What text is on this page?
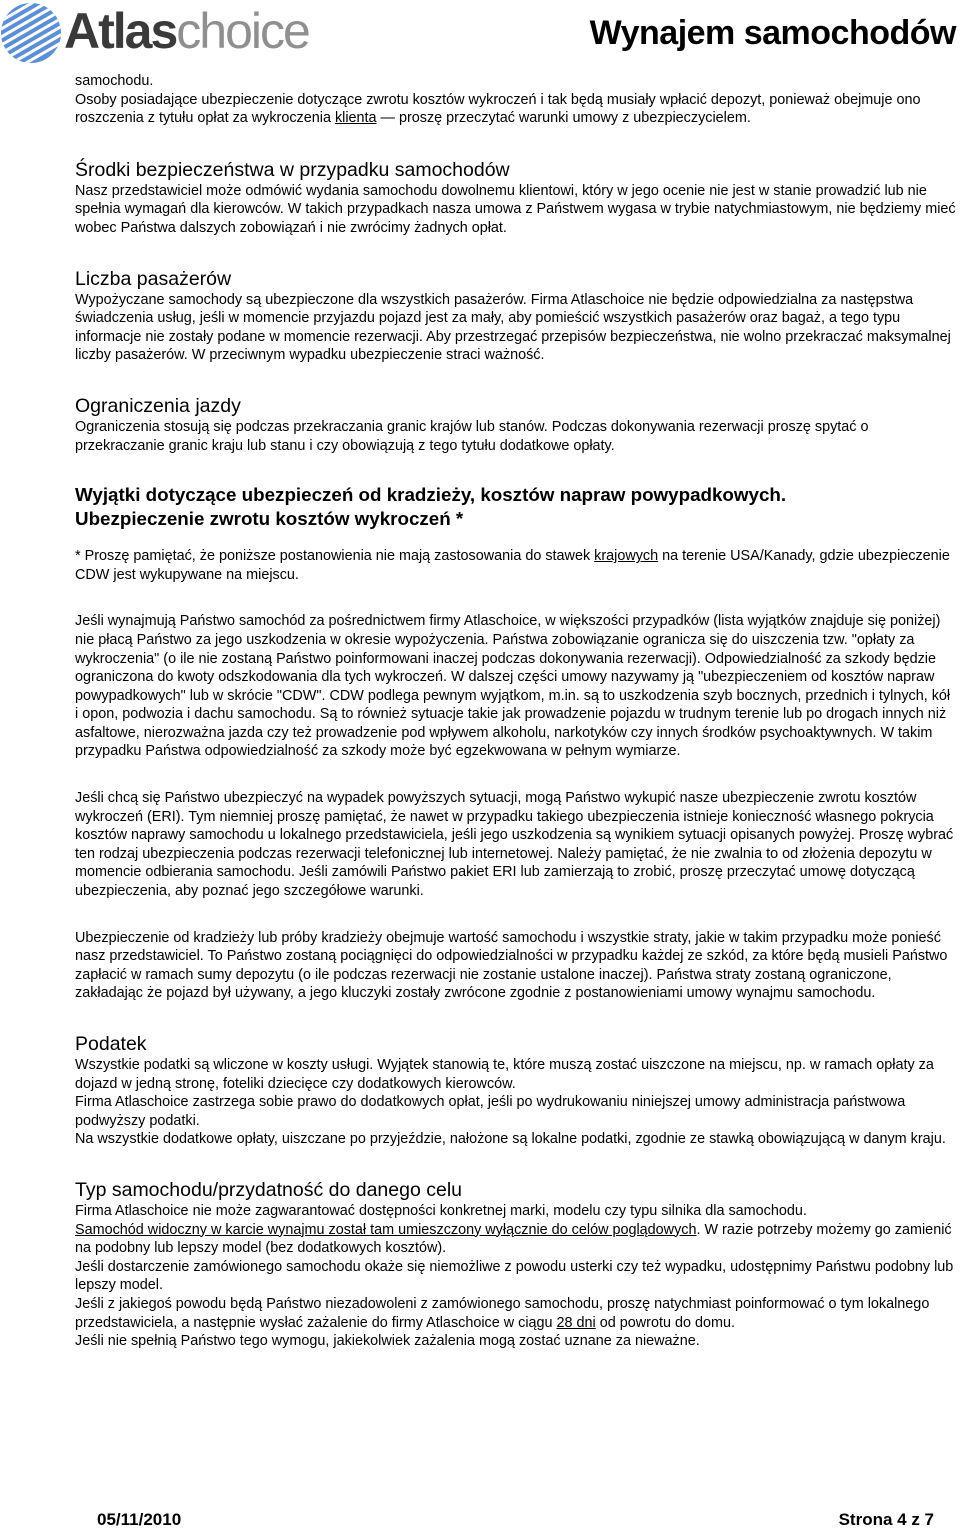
Atlaschoice	Wynajem samochodów

samochodu.

Osoby posiadające ubezpieczenie dotyczące zwrotu kosztów wykroczeń i tak będą musiały wpłacić depozyt, ponieważ obejmuje ono roszczenia z tytułu opłat za wykroczenia klienta — proszę przeczytać warunki umowy z ubezpieczycielem.

Środki bezpieczeństwa w przypadku samochodów

Nasz przedstawiciel może odmówić wydania samochodu dowolnemu klientowi, który w jego ocenie nie jest w stanie prowadzić lub nie spełnia wymagań dla kierowców. W takich przypadkach nasza umowa z Państwem wygasa w trybie natychmiastowym, nie będziemy mieć wobec Państwa dalszych zobowiązań i nie zwrócimy żadnych opłat.

Liczba pasażerów

Wypożyczane samochody są ubezpieczone dla wszystkich pasażerów. Firma Atlaschoice nie będzie odpowiedzialna za następstwa świadczenia usług, jeśli w momencie przyjazdu pojazd jest za mały, aby pomieścić wszystkich pasażerów oraz bagaż, a tego typu informacje nie zostały podane w momencie rezerwacji. Aby przestrzegać przepisów bezpieczeństwa, nie wolno przekraczać maksymalnej liczby pasażerów. W przeciwnym wypadku ubezpieczenie straci ważność.

Ograniczenia jazdy

Ograniczenia stosują się podczas przekraczania granic krajów lub stanów. Podczas dokonywania rezerwacji proszę spytać o przekraczanie granic kraju lub stanu i czy obowiązują z tego tytułu dodatkowe opłaty.

Wyjątki dotyczące ubezpieczeń od kradzieży, kosztów napraw powypadkowych.
Ubezpieczenie zwrotu kosztów wykroczeń *

* Proszę pamiętać, że poniższe postanowienia nie mają zastosowania do stawek krajowych na terenie USA/Kanady, gdzie ubezpieczenie CDW jest wykupywane na miejscu.

Jeśli wynajmują Państwo samochód za pośrednictwem firmy Atlaschoice, w większości przypadków (lista wyjątków znajduje się poniżej) nie płacą Państwo za jego uszkodzenia w okresie wypożyczenia. Państwa zobowiązanie ogranicza się do uiszczenia tzw. "opłaty za wykroczenia" (o ile nie zostaną Państwo poinformowani inaczej podczas dokonywania rezerwacji). Odpowiedzialność za szkody będzie ograniczona do kwoty odszkodowania dla tych wykroczeń. W dalszej części umowy nazywamy ją "ubezpieczeniem od kosztów napraw powypadkowych" lub w skrócie "CDW". CDW podlega pewnym wyjątkom, m.in. są to uszkodzenia szyb bocznych, przednich i tylnych, kół i opon, podwozia i dachu samochodu. Są to również sytuacje takie jak prowadzenie pojazdu w trudnym terenie lub po drogach innych niż asfaltowe, nierozważna jazda czy też prowadzenie pod wpływem alkoholu, narkotyków czy innych środków psychoaktywnych. W takim przypadku Państwa odpowiedzialność za szkody może być egzekwowana w pełnym wymiarze.

Jeśli chcą się Państwo ubezpieczyć na wypadek powyższych sytuacji, mogą Państwo wykupić nasze ubezpieczenie zwrotu kosztów wykroczeń (ERI). Tym niemniej proszę pamiętać, że nawet w przypadku takiego ubezpieczenia istnieje konieczność własnego pokrycia kosztów naprawy samochodu u lokalnego przedstawiciela, jeśli jego uszkodzenia są wynikiem sytuacji opisanych powyżej. Proszę wybrać ten rodzaj ubezpieczenia podczas rezerwacji telefonicznej lub internetowej. Należy pamiętać, że nie zwalnia to od złożenia depozytu w momencie odbierania samochodu. Jeśli zamówili Państwo pakiet ERI lub zamierzają to zrobić, proszę przeczytać umowę dotyczącą ubezpieczenia, aby poznać jego szczegółowe warunki.

Ubezpieczenie od kradzieży lub próby kradzieży obejmuje wartość samochodu i wszystkie straty, jakie w takim przypadku może ponieść nasz przedstawiciel. To Państwo zostaną pociągnięci do odpowiedzialności w przypadku każdej ze szkód, za które będą musieli Państwo zapłacić w ramach sumy depozytu (o ile podczas rezerwacji nie zostanie ustalone inaczej). Państwa straty zostaną ograniczone, zakładając że pojazd był używany, a jego kluczyki zostały zwrócone zgodnie z postanowieniami umowy wynajmu samochodu.

Podatek

Wszystkie podatki są wliczone w koszty usługi. Wyjątek stanowią te, które muszą zostać uiszczone na miejscu, np. w ramach opłaty za dojazd w jedną stronę, foteliki dziecięce czy dodatkowych kierowców.

Firma Atlaschoice zastrzega sobie prawo do dodatkowych opłat, jeśli po wydrukowaniu niniejszej umowy administracja państwowa podwyższy podatki.

Na wszystkie dodatkowe opłaty, uiszczane po przyjeździe, nałożone są lokalne podatki, zgodnie ze stawką obowiązującą w danym kraju.

Typ samochodu/przydatność do danego celu

Firma Atlaschoice nie może zagwarantować dostępności konkretnej marki, modelu czy typu silnika dla samochodu.

Samochód widoczny w karcie wynajmu został tam umieszczony wyłącznie do celów poglądowych. W razie potrzeby możemy go zamienić na podobny lub lepszy model (bez dodatkowych kosztów).

Jeśli dostarczenie zamówionego samochodu okaże się niemożliwe z powodu usterki czy też wypadku, udostępnimy Państwu podobny lub lepszy model.

Jeśli z jakiegoś powodu będą Państwo niezadowoleni z zamówionego samochodu, proszę natychmiast poinformować o tym lokalnego przedstawiciela, a następnie wysłać zażalenie do firmy Atlaschoice w ciągu 28 dni od powrotu do domu.

Jeśli nie spełnią Państwo tego wymogu, jakiekolwiek zażalenia mogą zostać uznane za nieważne.

05/11/2010	Strona 4 z 7
